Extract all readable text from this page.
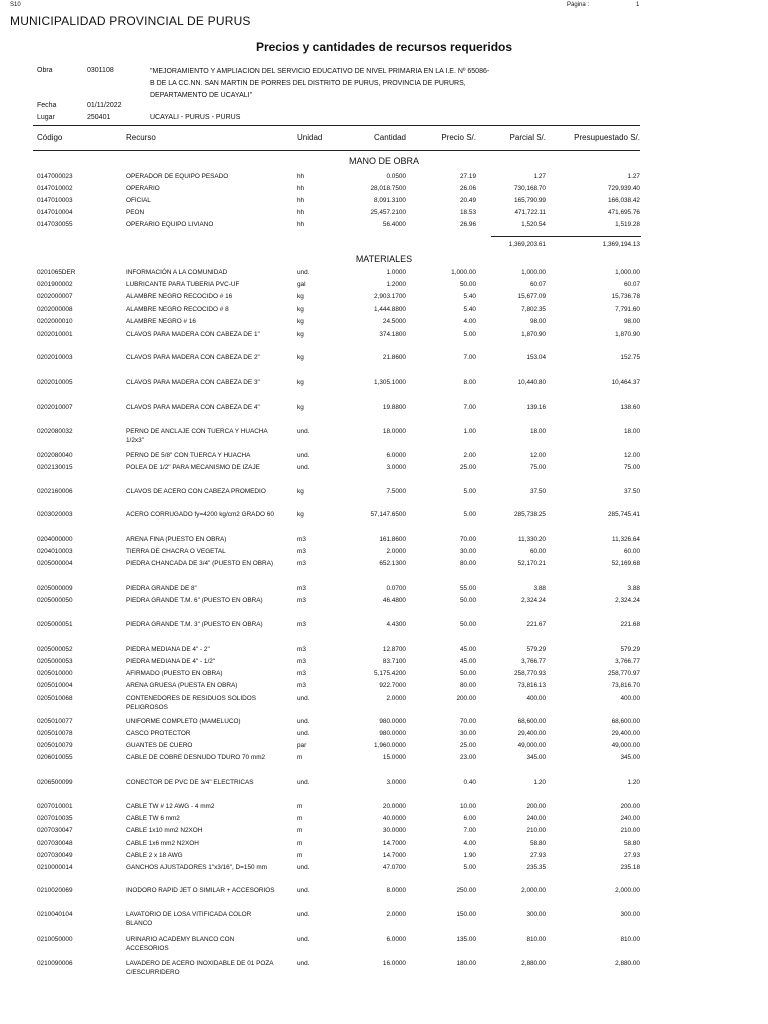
S10	Página :	1
MUNICIPALIDAD PROVINCIAL DE PURUS
Precios y cantidades de recursos requeridos
Obra	0301108	"MEJORAMIENTO Y AMPLIACION DEL SERVICIO EDUCATIVO DE NIVEL PRIMARIA EN LA I.E. Nº 65086-B DE LA CC.NN. SAN MARTIN DE PORRES DEL DISTRITO DE PURUS, PROVINCIA DE PURURS, DEPARTAMENTO DE UCAYALI"
Fecha	01/11/2022
Lugar	250401	UCAYALI - PURUS - PURUS
Código	Recurso	Unidad	Cantidad	Precio S/.	Parcial S/.	Presupuestado S/.
MANO DE OBRA
0147000023	OPERADOR DE EQUIPO PESADO	hh	0.0500	27.19	1.27	1.27
0147010002	OPERARIO	hh	28,018.7500	26.06	730,168.70	729,939.40
0147010003	OFICIAL	hh	8,091.3100	20.49	165,790.99	166,038.42
0147010004	PEON	hh	25,457.2100	18.53	471,722.11	471,695.76
0147030055	OPERARIO EQUIPO LIVIANO	hh	56.4000	26.96	1,520.54	1,519.28
1,369,203.61	1,369,194.13
MATERIALES
0201065DER	INFORMACIÓN A LA COMUNIDAD	und.	1.0000	1,000.00	1,000.00	1,000.00
0201900002	LUBRICANTE PARA TUBERIA PVC-UF	gal	1.2000	50.00	60.07	60.07
0202000007	ALAMBRE NEGRO RECOCIDO # 16	kg	2,903.1700	5.40	15,677.09	15,736.78
0202000008	ALAMBRE NEGRO RECOCIDO # 8	kg	1,444.8800	5.40	7,802.35	7,791.60
0202000010	ALAMBRE NEGRO # 16	kg	24.5000	4.00	98.00	98.00
0202010001	CLAVOS PARA MADERA CON CABEZA DE 1"	kg	374.1800	5.00	1,870.90	1,870.90
0202010003	CLAVOS PARA MADERA CON CABEZA DE 2"	kg	21.8600	7.00	153.04	152.75
0202010005	CLAVOS PARA MADERA CON CABEZA DE 3"	kg	1,305.1000	8.00	10,440.80	10,464.37
0202010007	CLAVOS PARA MADERA CON CABEZA DE 4"	kg	19.8800	7.00	139.16	138.60
0202080032	PERNO DE ANCLAJE CON TUERCA Y HUACHA 1/2x3"
und.	18.0000	1.00	18.00	18.00
0202080040	PERNO DE 5/8" CON TUERCA Y HUACHA	und.	6.0000	2.00	12.00	12.00
0202130015	POLEA DE 1/2" PARA MECANISMO DE IZAJE	und.	3.0000	25.00	75.00	75.00
0202160006	CLAVOS DE ACERO CON CABEZA PROMEDIO	kg	7.5000	5.00	37.50	37.50
0203020003	ACERO CORRUGADO fy=4200 kg/cm2 GRADO 60	kg	57,147.6500	5.00	285,738.25	285,745.41
0204000000	ARENA FINA (PUESTO EN OBRA)	m3	161.8600	70.00	11,330.20	11,326.64
0204010003	TIERRA DE CHACRA O VEGETAL	m3	2.0000	30.00	60.00	60.00
0205000004	PIEDRA CHANCADA DE 3/4" (PUESTO EN OBRA)	m3	652.1300	80.00	52,170.21	52,169.68
0205000009	PIEDRA GRANDE DE 8"	m3	0.0700	55.00	3.88	3.88
0205000050	PIEDRA GRANDE T.M. 6" (PUESTO EN OBRA)	m3	46.4800	50.00	2,324.24	2,324.24
0205000051	PIEDRA GRANDE T.M. 3" (PUESTO EN OBRA)	m3	4.4300	50.00	221.67	221.68
0205000052	PIEDRA MEDIANA DE 4" - 2"	m3	12.8700	45.00	579.29	579.29
0205000053	PIEDRA MEDIANA DE 4" - 1/2"	m3	83.7100	45.00	3,766.77	3,766.77
0205010000	AFIRMADO (PUESTO EN OBRA)	m3	5,175.4200	50.00	258,770.93	258,770.97
0205010004	ARENA GRUESA (PUESTA EN OBRA)	m3	922.7000	80.00	73,816.13	73,816.70
0205010068	CONTENEDORES DE RESIDUOS SOLIDOS PELIGROSOS
und.	2.0000	200.00	400.00	400.00
0205010077	UNIFORME COMPLETO (MAMELUCO)	und.	980.0000	70.00	68,600.00	68,600.00
0205010078	CASCO PROTECTOR	und.	980.0000	30.00	29,400.00	29,400.00
0205010079	GUANTES DE CUERO	par	1,960.0000	25.00	49,000.00	49,000.00
0206010055	CABLE DE COBRE DESNUDO TDURO 70 mm2	m	15.0000	23.00	345.00	345.00
0206500099	CONECTOR DE PVC DE 3/4" ELECTRICAS	und.	3.0000	0.40	1.20	1.20
0207010001	CABLE TW # 12 AWG - 4 mm2	m	20.0000	10.00	200.00	200.00
0207010035	CABLE TW 6 mm2	m	40.0000	6.00	240.00	240.00
0207030047	CABLE 1x10 mm2 N2XOH	m	30.0000	7.00	210.00	210.00
0207030048	CABLE 1x6 mm2 N2XOH	m	14.7000	4.00	58.80	58.80
0207030049	CABLE 2 x 18 AWG	m	14.7000	1.90	27.93	27.93
0210000014	GANCHOS AJUSTADORES 1"x3/16", D=150 mm	und.	47.0700	5.00	235.35	235.18
0210020069	INODORO RAPID JET O SIMILAR + ACCESORIOS	und.	8.0000	250.00	2,000.00	2,000.00
0210040104	LAVATORIO DE LOSA VITIFICADA COLOR BLANCO
und.	2.0000	150.00	300.00	300.00
0210050000	URINARIO ACADEMY BLANCO CON ACCESORIOS
und.	6.0000	135.00	810.00	810.00
0210090006	LAVADERO DE ACERO INOXIDABLE DE 01 POZA C/ESCURRIDERO
und.	16.0000	180.00	2,880.00	2,880.00
